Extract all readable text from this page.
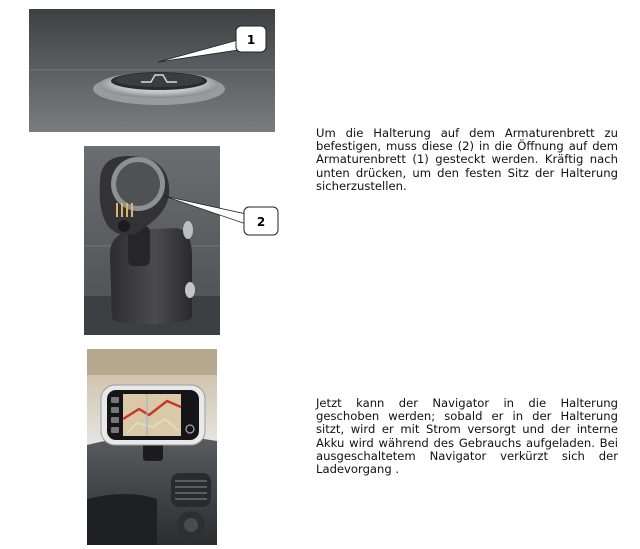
1
2
Um die Halterung auf dem Armaturenbrett zu
befestigen, muss diese (2) in die Öffnung auf dem
Armaturenbrett (1) gesteckt werden. Kräftig nach
unten drücken, um den festen Sitz der Halterung
sicherzustellen.
Jetzt kann der Navigator in die Halterung
geschoben werden; sobald er in der Halterung
sitzt, wird er mit Strom versorgt und der interne
Akku wird während des Gebrauchs aufgeladen. Bei
ausgeschaltetem Navigator verkürzt sich der
Ladevorgang .
